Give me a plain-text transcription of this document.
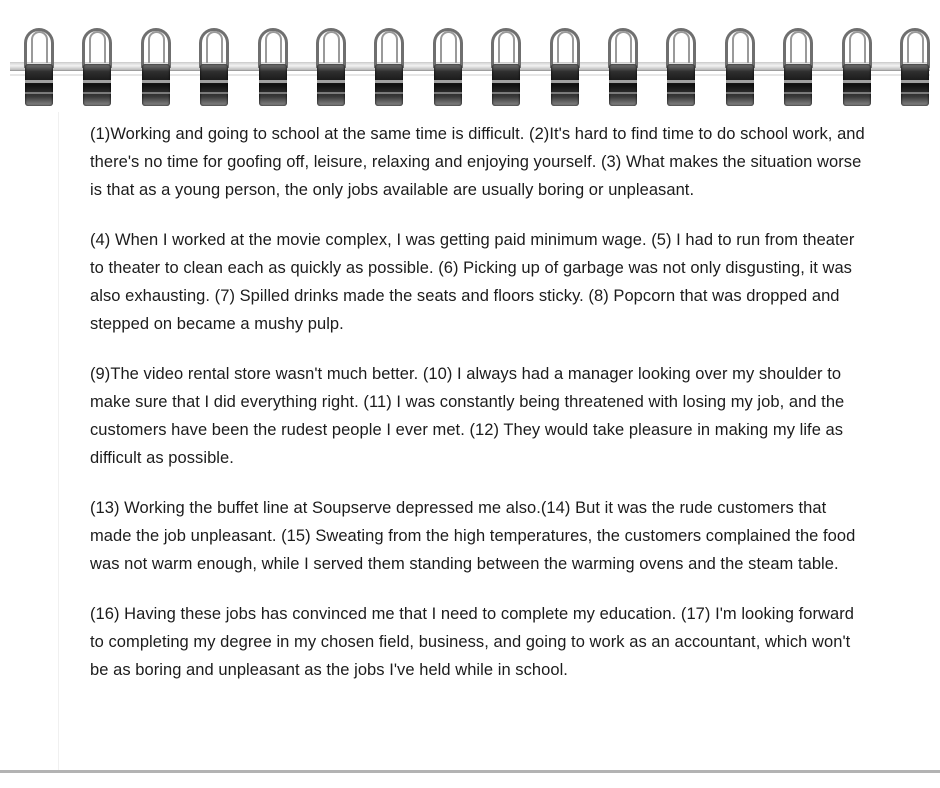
(1)Working and going to school at the same time is difficult. (2)It's hard to find time to do school work, and there's no time for goofing off, leisure, relaxing and enjoying yourself. (3) What makes the situation worse is that as a young person, the only jobs available are usually boring or unpleasant.

(4) When I worked at the movie complex, I was getting paid minimum wage. (5) I had to run from theater to theater to clean each as quickly as possible. (6) Picking up of garbage was not only disgusting, it was also exhausting. (7) Spilled drinks made the seats and floors sticky. (8) Popcorn that was dropped and stepped on became a mushy pulp.

(9)The video rental store wasn't much better. (10) I always had a manager looking over my shoulder to make sure that I did everything right. (11) I was constantly being threatened with losing my job, and the customers have been the rudest people I ever met. (12) They would take pleasure in making my life as difficult as possible.

(13) Working the buffet line at Soupserve depressed me also.(14) But it was the rude customers that made the job unpleasant. (15) Sweating from the high temperatures, the customers complained the food was not warm enough, while I served them standing between the warming ovens and the steam table.

(16) Having these jobs has convinced me that I need to complete my education. (17) I'm looking forward to completing my degree in my chosen field, business, and going to work as an accountant, which won't be as boring and unpleasant as the jobs I've held while in school.
